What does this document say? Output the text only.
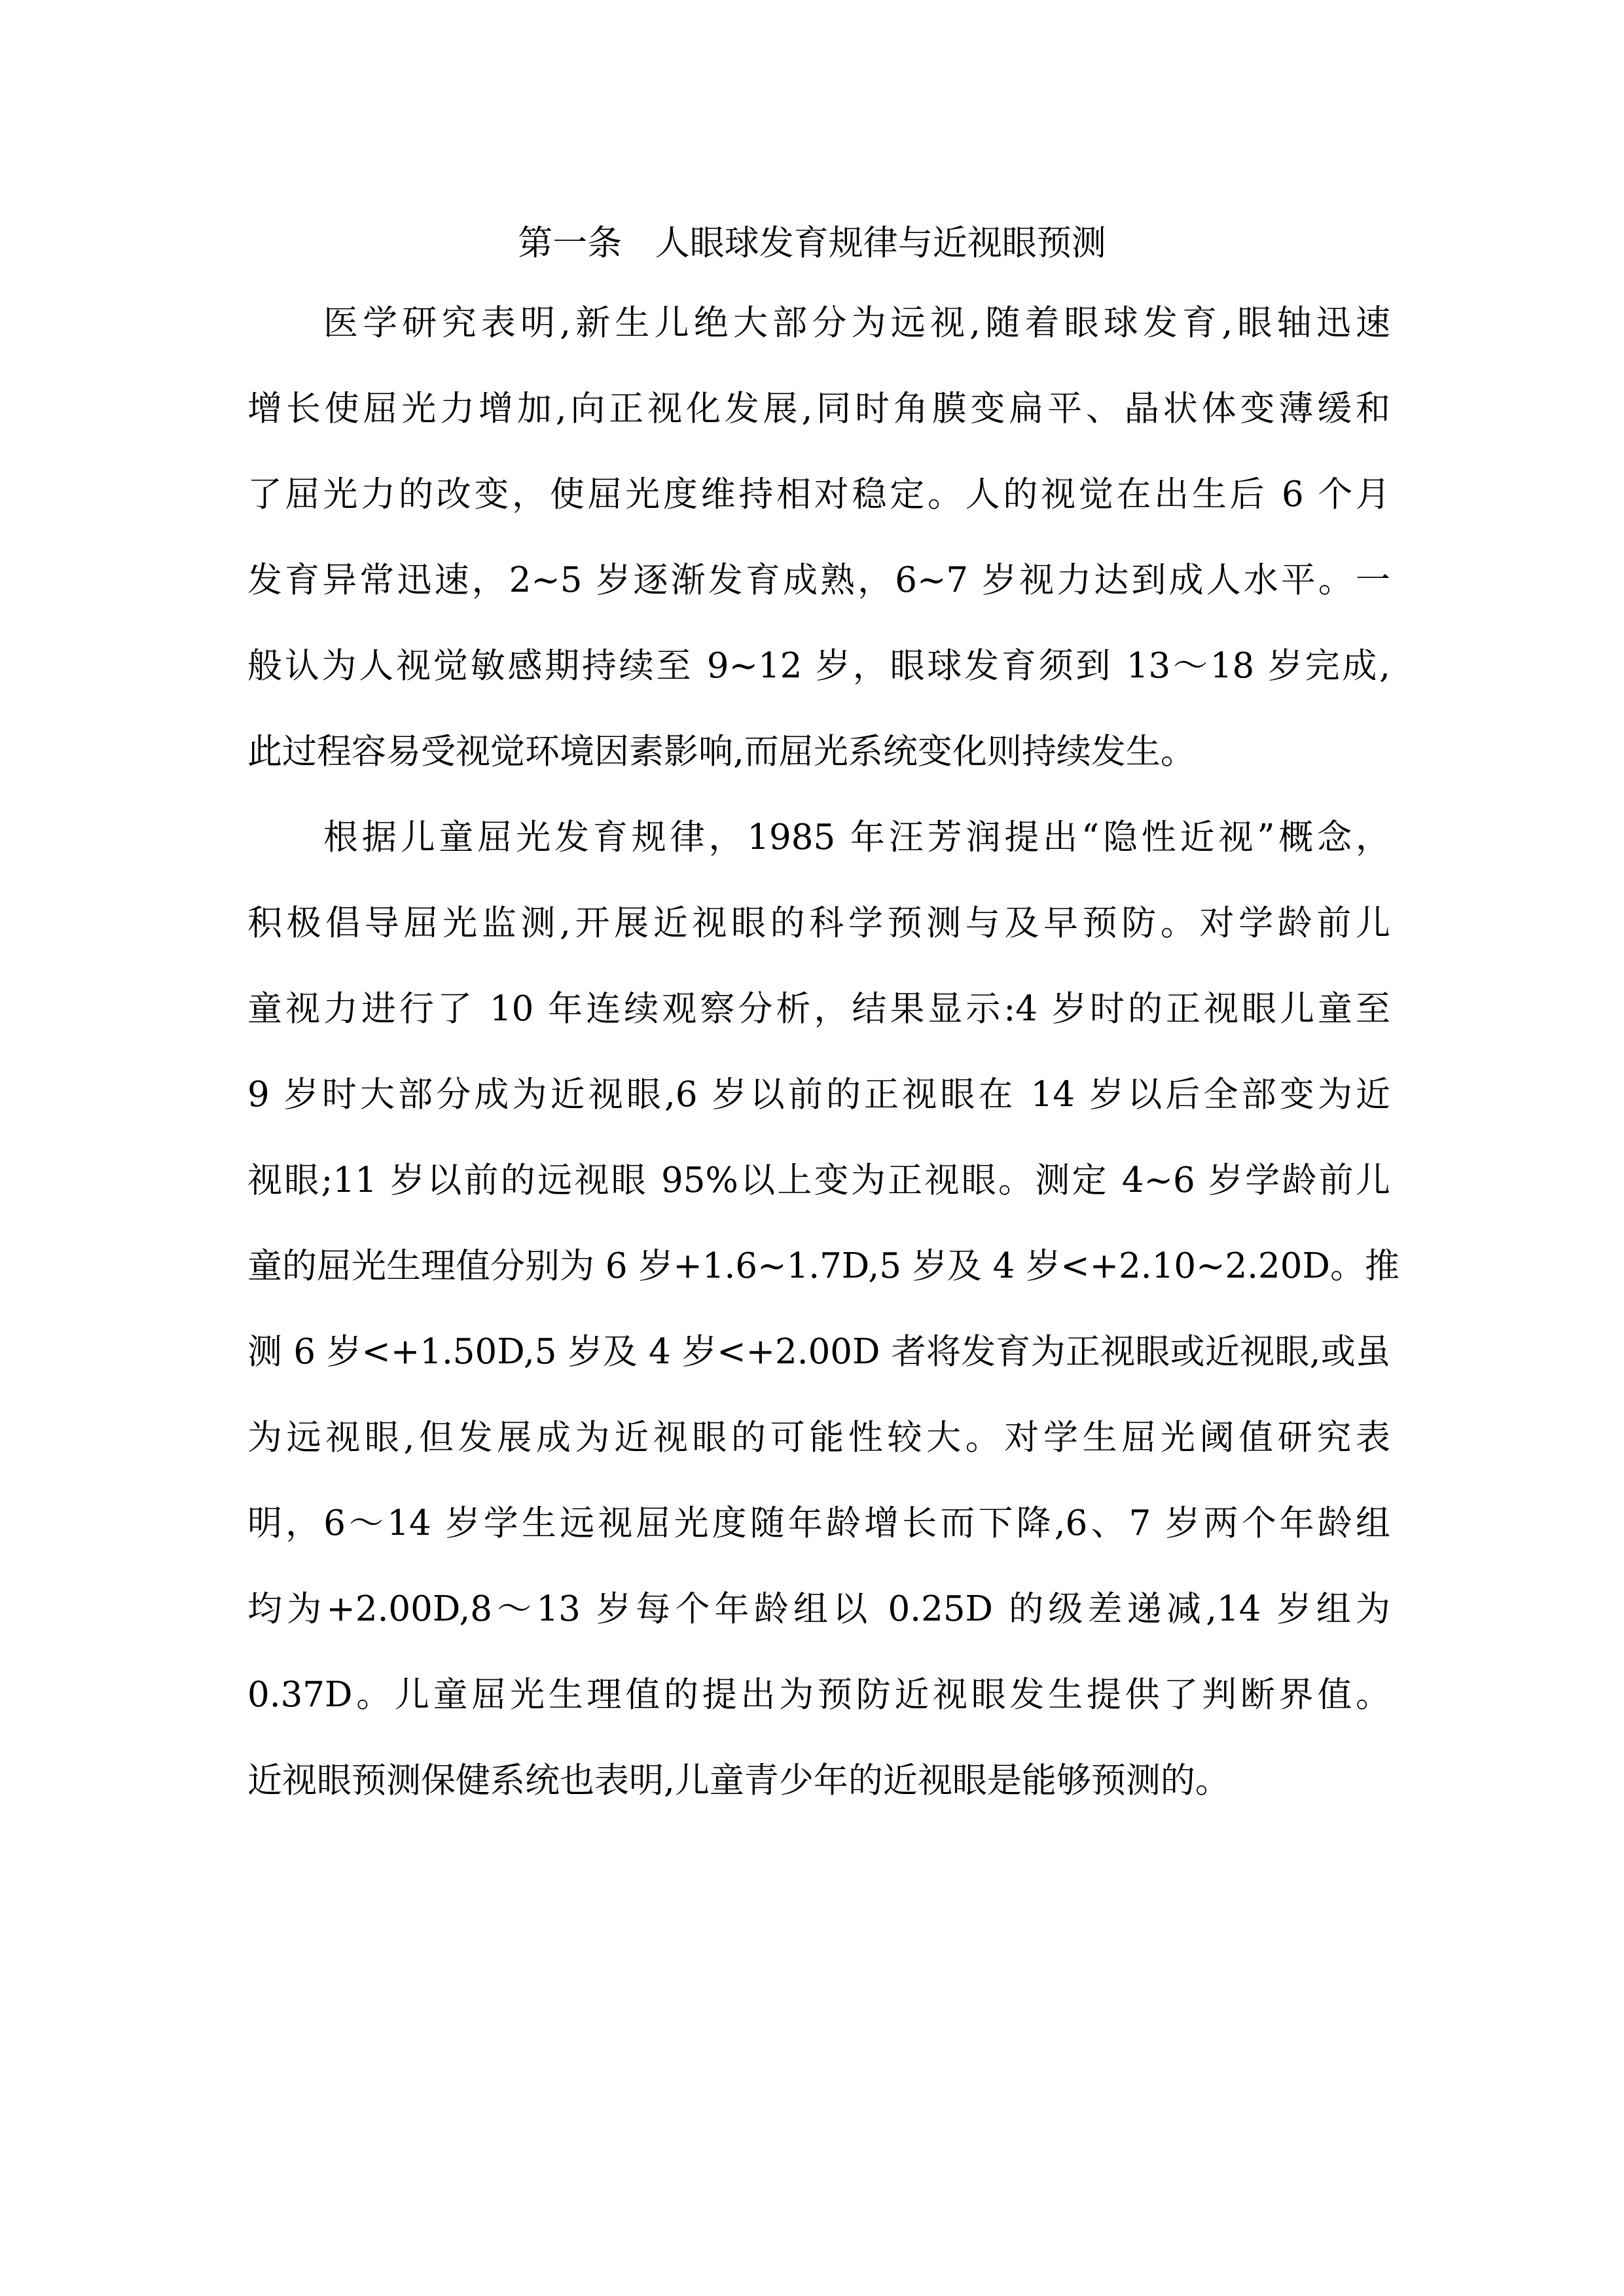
第一条   人眼球发育规律与近视眼预测
医学研究表明,新生儿绝大部分为远视,随着眼球发育,眼轴迅速
增长使屈光力增加,向正视化发展,同时角膜变扁平、晶状体变薄缓和
了屈光力的改变，使屈光度维持相对稳定。人的视觉在出生后 6 个月
发育异常迅速，2~5 岁逐渐发育成熟，6~7 岁视力达到成人水平。一
般认为人视觉敏感期持续至 9~12 岁，眼球发育须到 13～18 岁完成,
此过程容易受视觉环境因素影响,而屈光系统变化则持续发生。
根据儿童屈光发育规律，1985 年汪芳润提出“隐性近视”概念，
积极倡导屈光监测,开展近视眼的科学预测与及早预防。对学龄前儿
童视力进行了 10 年连续观察分析，结果显示:4 岁时的正视眼儿童至
9 岁时大部分成为近视眼,6 岁以前的正视眼在 14 岁以后全部变为近
视眼;11 岁以前的远视眼 95%以上变为正视眼。测定 4~6 岁学龄前儿
童的屈光生理值分别为 6 岁+1.6~1.7D,5 岁及 4 岁<+2.10~2.20D。推
测 6 岁<+1.50D,5 岁及 4 岁<+2.00D 者将发育为正视眼或近视眼,或虽
为远视眼,但发展成为近视眼的可能性较大。对学生屈光阈值研究表
明，6～14 岁学生远视屈光度随年龄增长而下降,6、7 岁两个年龄组
均为+2.00D,8～13 岁每个年龄组以 0.25D 的级差递减,14 岁组为
0.37D。儿童屈光生理值的提出为预防近视眼发生提供了判断界值。
近视眼预测保健系统也表明,儿童青少年的近视眼是能够预测的。
